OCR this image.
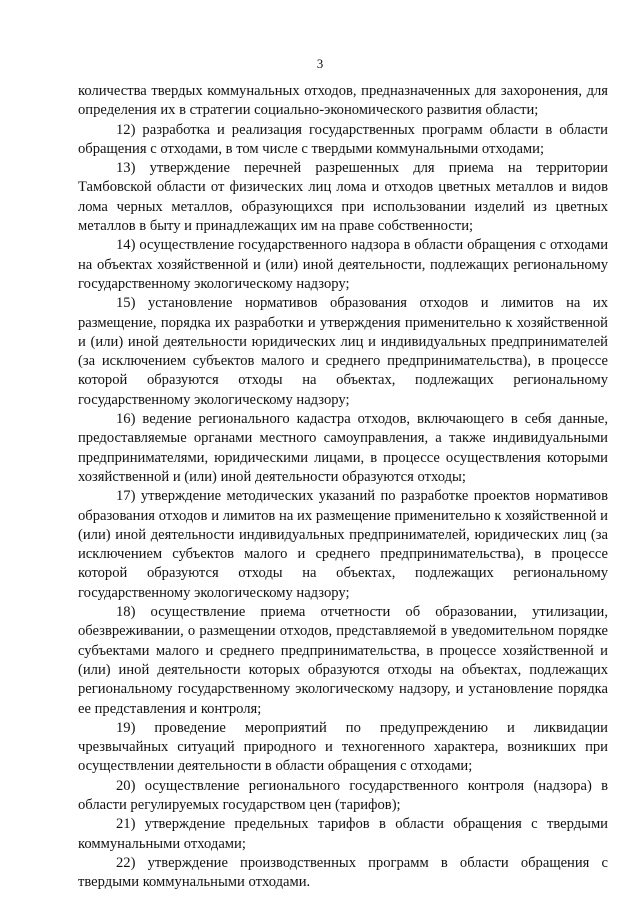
3

количества твердых коммунальных отходов, предназначенных для захоронения, для определения их в стратегии социально-экономического развития области;

12) разработка и реализация государственных программ области в области обращения с отходами, в том числе с твердыми коммунальными отходами;

13) утверждение перечней разрешенных для приема на территории Тамбовской области от физических лиц лома и отходов цветных металлов и видов лома черных металлов, образующихся при использовании изделий из цветных металлов в быту и принадлежащих им на праве собственности;

14) осуществление государственного надзора в области обращения с отходами на объектах хозяйственной и (или) иной деятельности, подлежащих региональному государственному экологическому надзору;

15) установление нормативов образования отходов и лимитов на их размещение, порядка их разработки и утверждения применительно к хозяйственной и (или) иной деятельности юридических лиц и индивидуальных предпринимателей (за исключением субъектов малого и среднего предпринимательства), в процессе которой образуются отходы на объектах, подлежащих региональному государственному экологическому надзору;

16) ведение регионального кадастра отходов, включающего в себя данные, предоставляемые органами местного самоуправления, а также индивидуальными предпринимателями, юридическими лицами, в процессе осуществления которыми хозяйственной и (или) иной деятельности образуются отходы;

17) утверждение методических указаний по разработке проектов нормативов образования отходов и лимитов на их размещение применительно к хозяйственной и (или) иной деятельности индивидуальных предпринимателей, юридических лиц (за исключением субъектов малого и среднего предпринимательства), в процессе которой образуются отходы на объектах, подлежащих региональному государственному экологическому надзору;

18) осуществление приема отчетности об образовании, утилизации, обезвреживании, о размещении отходов, представляемой в уведомительном порядке субъектами малого и среднего предпринимательства, в процессе хозяйственной и (или) иной деятельности которых образуются отходы на объектах, подлежащих региональному государственному экологическому надзору, и установление порядка ее представления и контроля;

19) проведение мероприятий по предупреждению и ликвидации чрезвычайных ситуаций природного и техногенного характера, возникших при осуществлении деятельности в области обращения с отходами;

20) осуществление регионального государственного контроля (надзора) в области регулируемых государством цен (тарифов);

21) утверждение предельных тарифов в области обращения с твердыми коммунальными отходами;

22) утверждение производственных программ в области обращения с твердыми коммунальными отходами.
